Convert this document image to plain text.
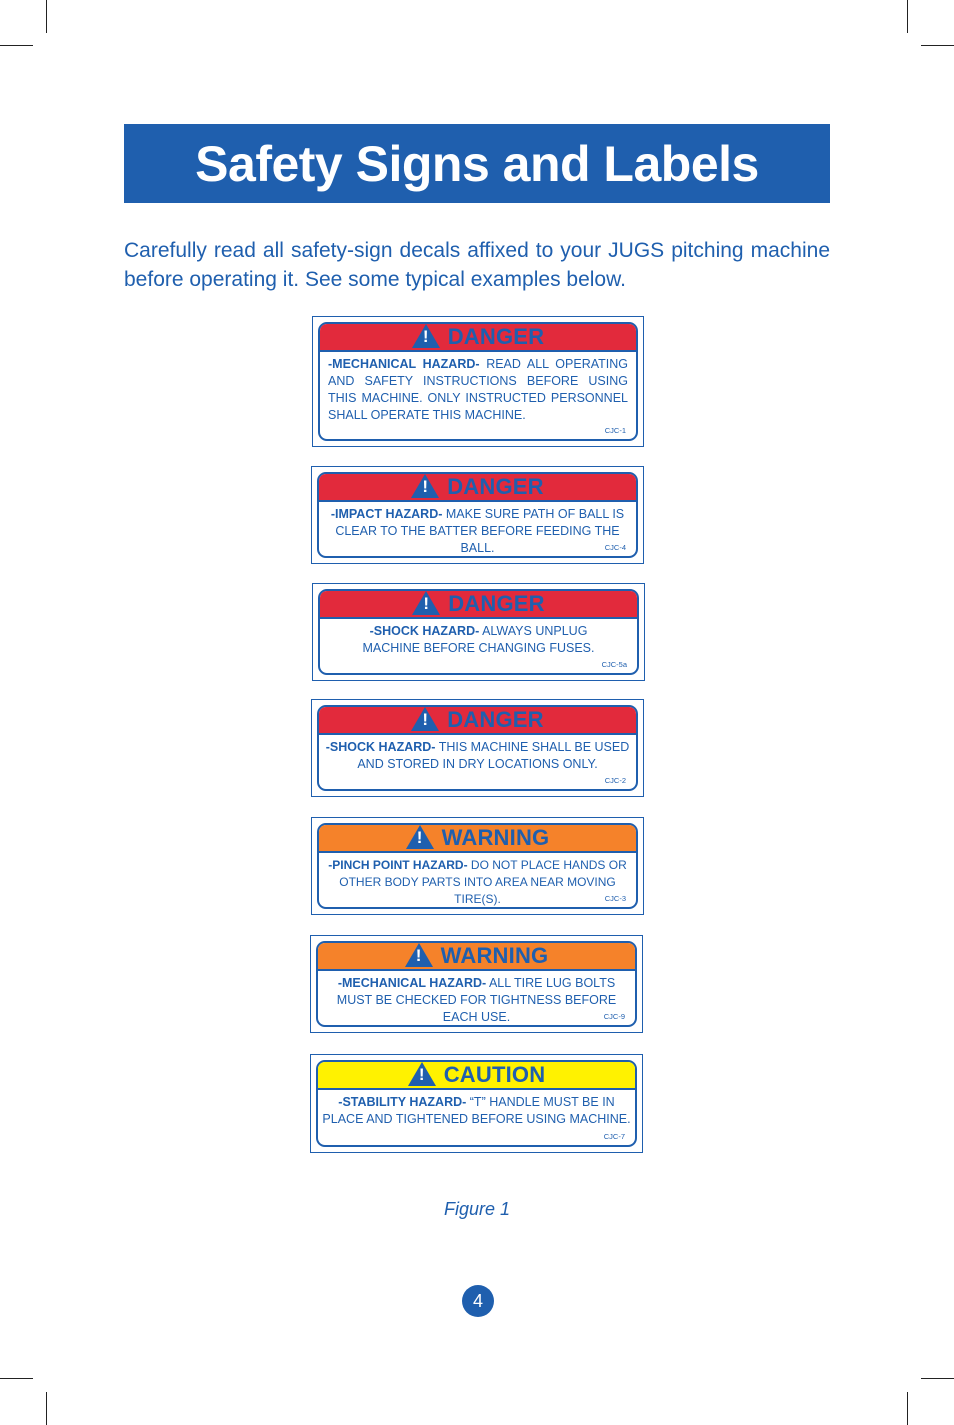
Safety Signs and Labels

Carefully read all safety-sign decals affixed to your JUGS pitching machine before operating it. See some typical examples below.

! DANGER
-MECHANICAL HAZARD- READ ALL OPERATING AND SAFETY INSTRUCTIONS BEFORE USING THIS MACHINE. ONLY INSTRUCTED PERSONNEL SHALL OPERATE THIS MACHINE.
CJC-1
! DANGER
-IMPACT HAZARD- MAKE SURE PATH OF BALL IS CLEAR TO THE BATTER BEFORE FEEDING THE BALL.	CJC-4
! DANGER
-SHOCK HAZARD- ALWAYS UNPLUG MACHINE BEFORE CHANGING FUSES.
CJC-5a
! DANGER
-SHOCK HAZARD- THIS MACHINE SHALL BE USED AND STORED IN DRY LOCATIONS ONLY.
CJC-2
! WARNING
-PINCH POINT HAZARD- DO NOT PLACE HANDS OR OTHER BODY PARTS INTO AREA NEAR MOVING TIRE(S).	CJC-3
! WARNING
-MECHANICAL HAZARD- ALL TIRE LUG BOLTS MUST BE CHECKED FOR TIGHTNESS BEFORE EACH USE.	CJC-9
! CAUTION
-STABILITY HAZARD- “T” HANDLE MUST BE IN PLACE AND TIGHTENED BEFORE USING MACHINE.
CJC-7
Figure 1
4
